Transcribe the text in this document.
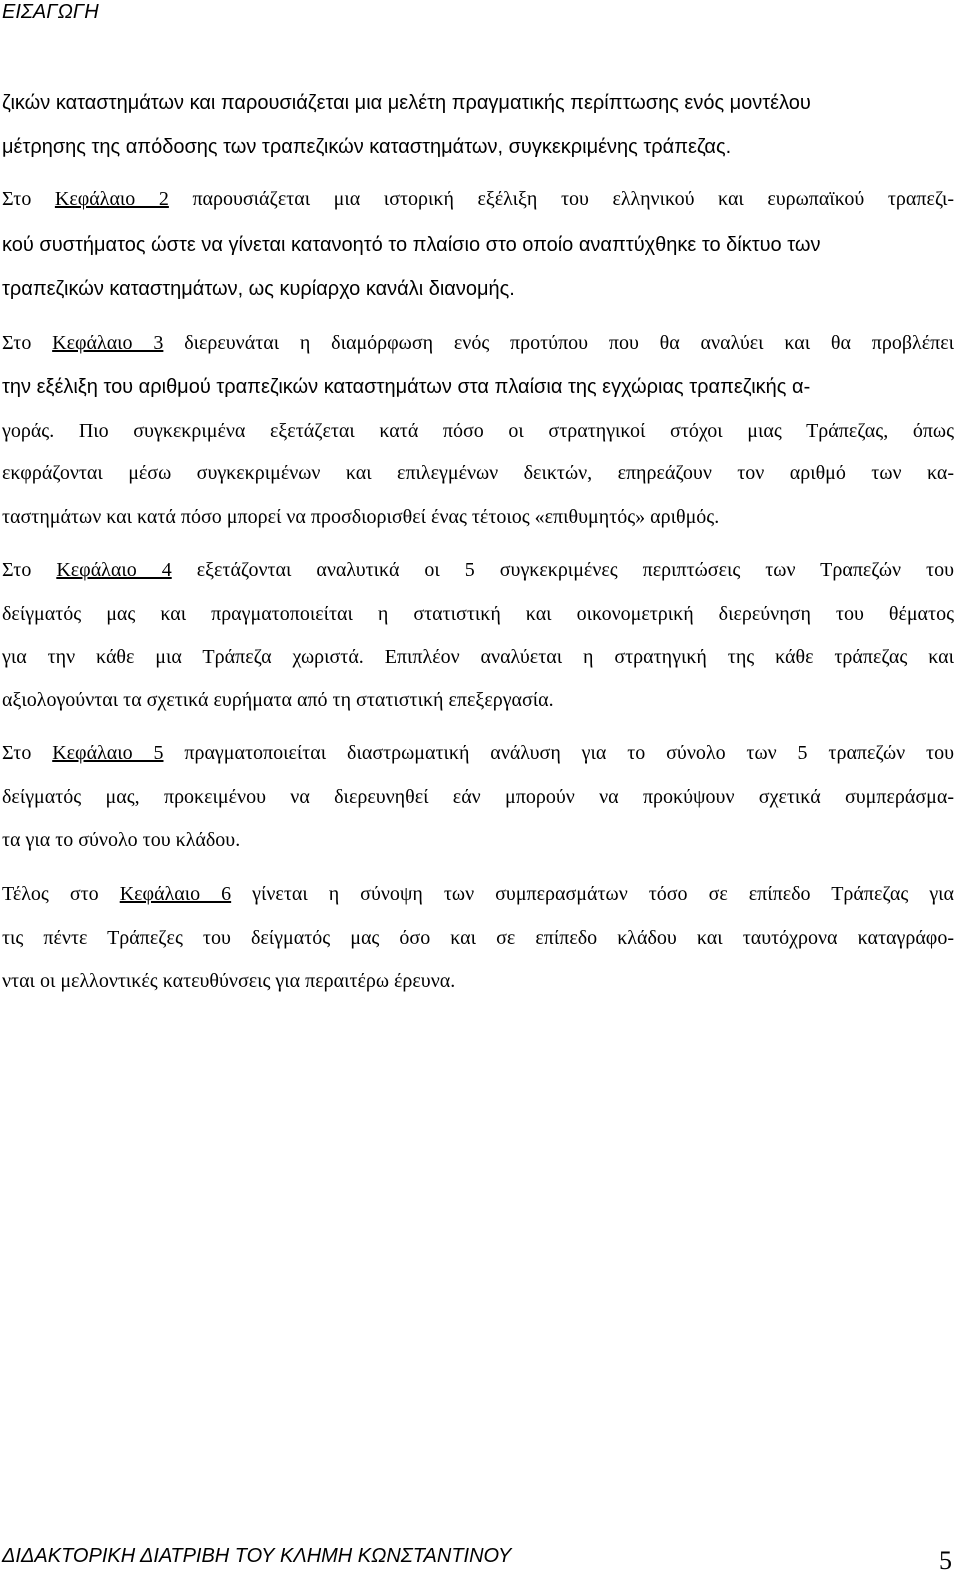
ΕΙΣΑΓΩΓΗ
ζικών καταστημάτων και παρουσιάζεται μια μελέτη πραγματικής περίπτωσης ενός μοντέλου
μέτρησης της απόδοσης των τραπεζικών καταστημάτων, συγκεκριμένης τράπεζας.
Στο Κεφάλαιο 2 παρουσιάζεται μια ιστορική εξέλιξη του ελληνικού και ευρωπαϊκού τραπεζι-
κού συστήματος ώστε να γίνεται κατανοητό το πλαίσιο στο οποίο αναπτύχθηκε το δίκτυο των
τραπεζικών καταστημάτων, ως κυρίαρχο κανάλι διανομής.
Στο Κεφάλαιο 3 διερευνάται η διαμόρφωση ενός προτύπου που θα αναλύει και θα προβλέπει
την εξέλιξη του αριθμού τραπεζικών καταστημάτων στα πλαίσια της εγχώριας τραπεζικής α-
γοράς. Πιο συγκεκριμένα εξετάζεται κατά πόσο οι στρατηγικοί στόχοι μιας Τράπεζας, όπως
εκφράζονται μέσω συγκεκριμένων και επιλεγμένων δεικτών, επηρεάζουν τον αριθμό των κα-
ταστημάτων και κατά πόσο μπορεί να προσδιορισθεί ένας τέτοιος «επιθυμητός» αριθμός.
Στο Κεφάλαιο 4 εξετάζονται αναλυτικά οι 5 συγκεκριμένες περιπτώσεις των Τραπεζών του
δείγματός μας και πραγματοποιείται η στατιστική και οικονομετρική διερεύνηση του θέματος
για την κάθε μια Τράπεζα χωριστά. Επιπλέον αναλύεται η στρατηγική της κάθε τράπεζας και
αξιολογούνται τα σχετικά ευρήματα από τη στατιστική επεξεργασία.
Στο Κεφάλαιο 5 πραγματοποιείται διαστρωματική ανάλυση για το σύνολο των 5 τραπεζών του
δείγματός μας, προκειμένου να διερευνηθεί εάν μπορούν να προκύψουν σχετικά συμπεράσμα-
τα για το σύνολο του κλάδου.
Τέλος στο Κεφάλαιο 6 γίνεται η σύνοψη των συμπερασμάτων τόσο σε επίπεδο Τράπεζας για
τις πέντε Τράπεζες του δείγματός μας όσο και σε επίπεδο κλάδου και ταυτόχρονα καταγράφο-
νται οι μελλοντικές κατευθύνσεις για περαιτέρω έρευνα.
ΔΙΔΑΚΤΟΡΙΚΗ ΔΙΑΤΡΙΒΗ ΤΟΥ ΚΛΗΜΗ ΚΩΝΣΤΑΝΤΙΝΟΥ	5
